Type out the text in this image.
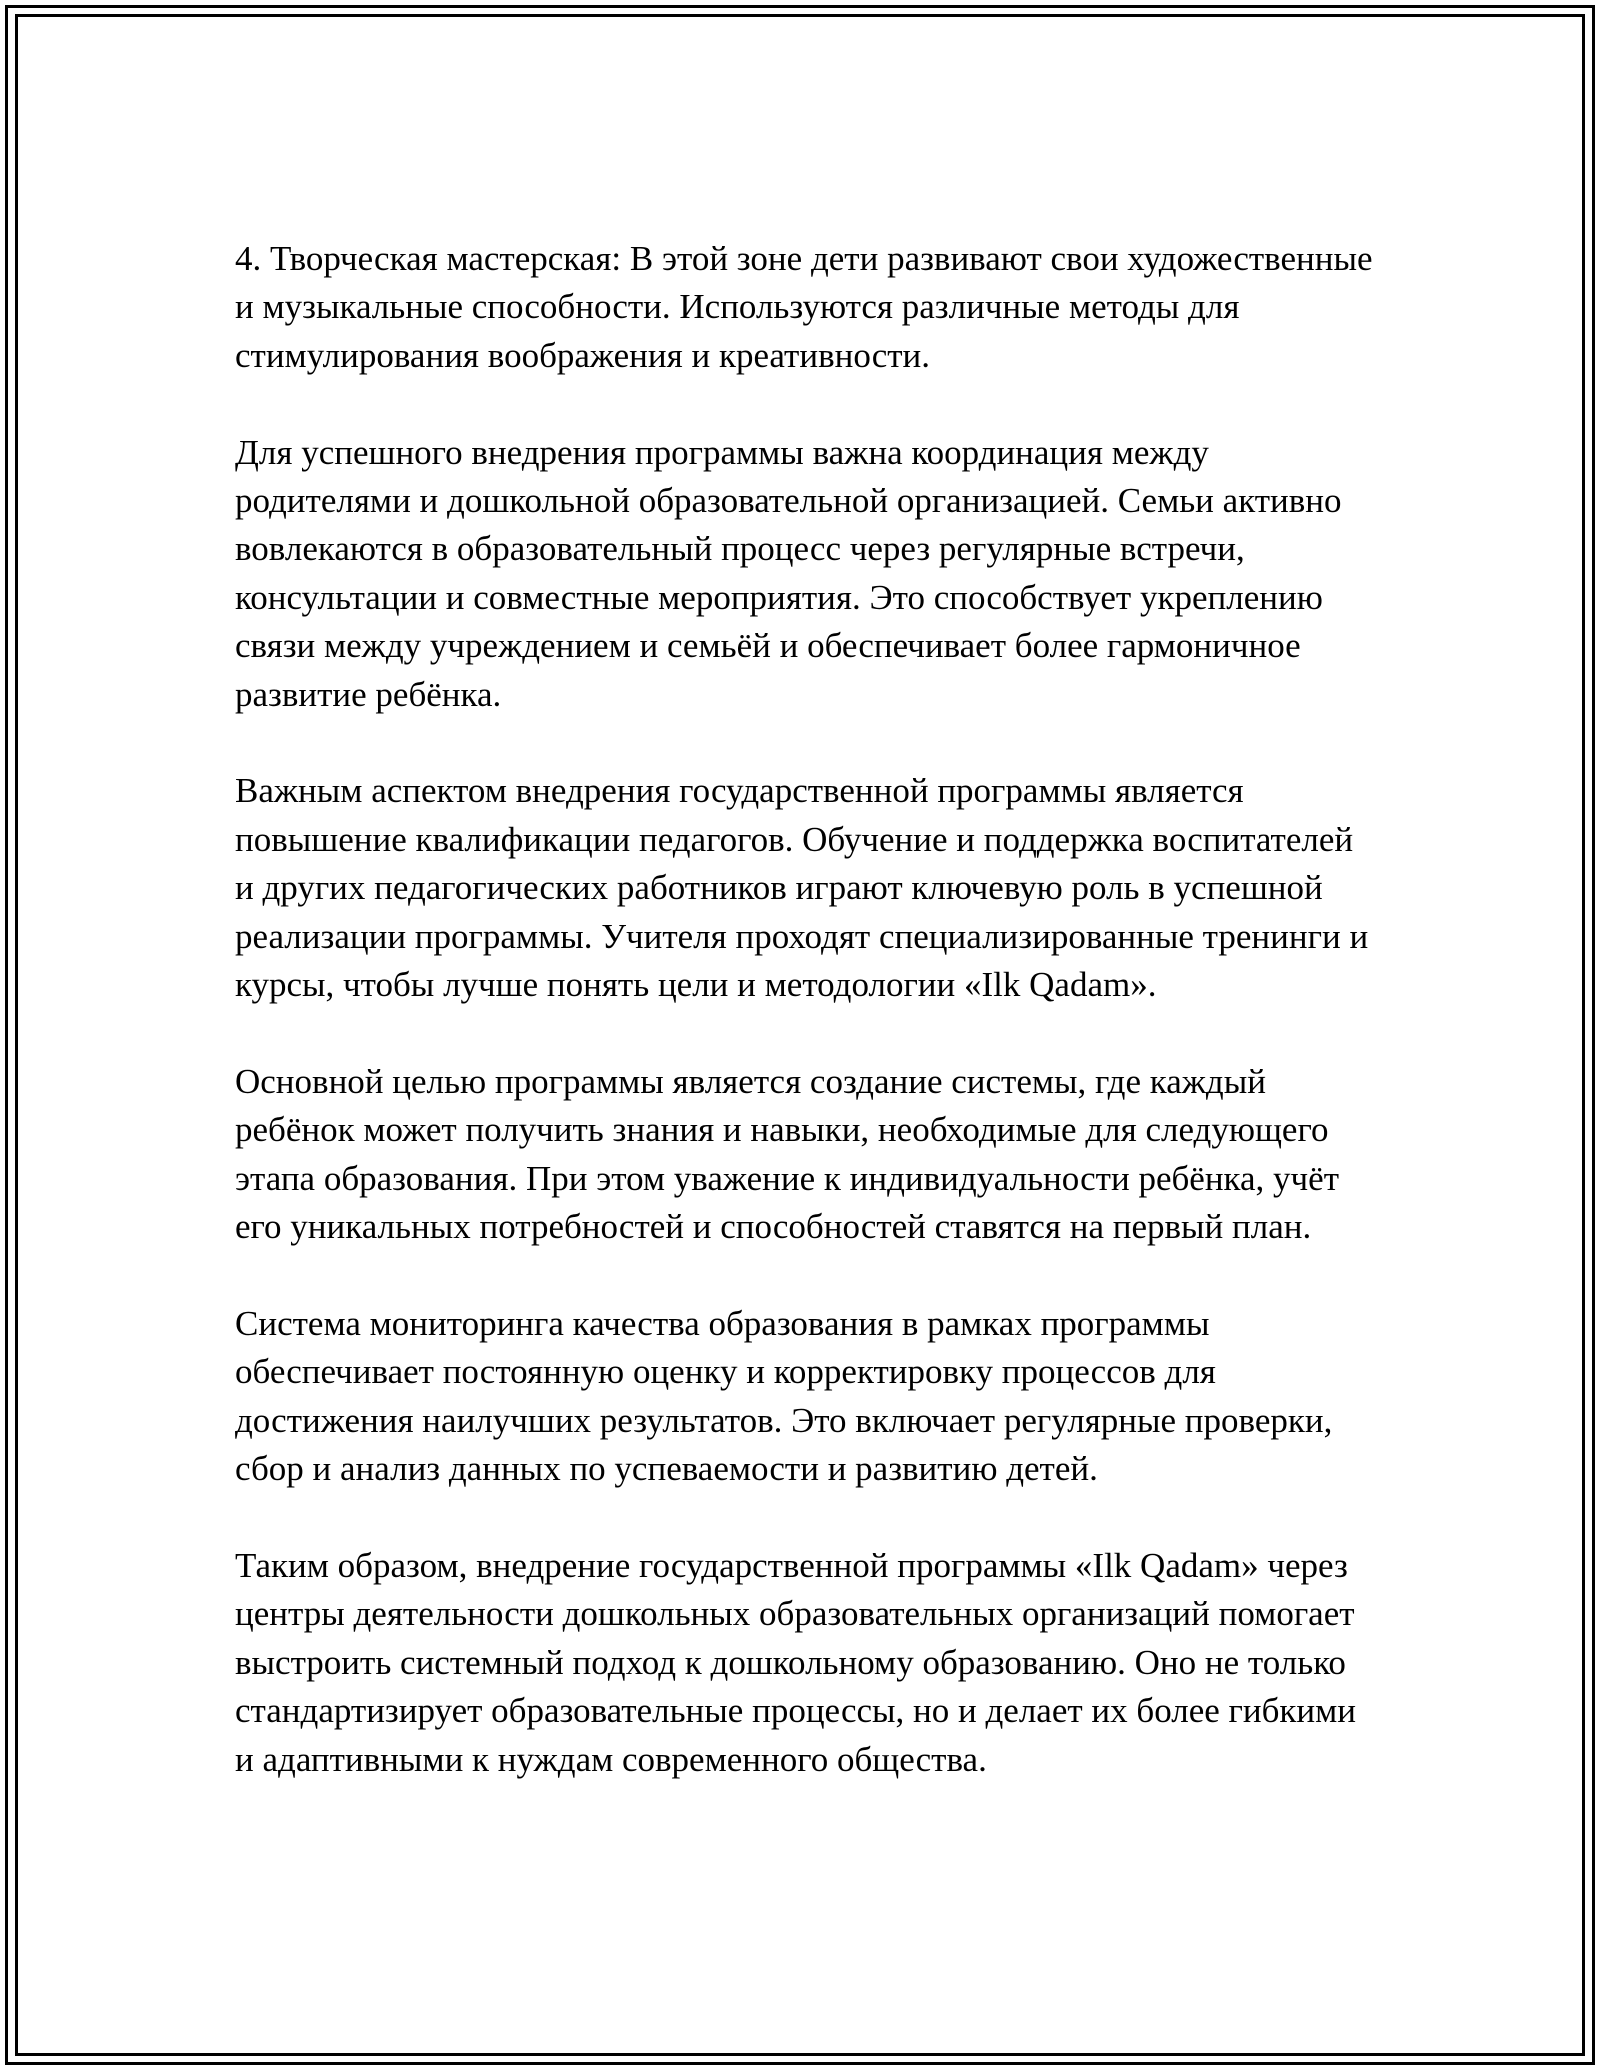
4. Творческая мастерская: В этой зоне дети развивают свои художественные и музыкальные способности. Используются различные методы для стимулирования воображения и креативности.

Для успешного внедрения программы важна координация между родителями и дошкольной образовательной организацией. Семьи активно вовлекаются в образовательный процесс через регулярные встречи, консультации и совместные мероприятия. Это способствует укреплению связи между учреждением и семьёй и обеспечивает более гармоничное развитие ребёнка.

Важным аспектом внедрения государственной программы является повышение квалификации педагогов. Обучение и поддержка воспитателей и других педагогических работников играют ключевую роль в успешной реализации программы. Учителя проходят специализированные тренинги и курсы, чтобы лучше понять цели и методологии «Ilk Qadam».

Основной целью программы является создание системы, где каждый ребёнок может получить знания и навыки, необходимые для следующего этапа образования. При этом уважение к индивидуальности ребёнка, учёт его уникальных потребностей и способностей ставятся на первый план.

Система мониторинга качества образования в рамках программы обеспечивает постоянную оценку и корректировку процессов для достижения наилучших результатов. Это включает регулярные проверки, сбор и анализ данных по успеваемости и развитию детей.

Таким образом, внедрение государственной программы «Ilk Qadam» через центры деятельности дошкольных образовательных организаций помогает выстроить системный подход к дошкольному образованию. Оно не только стандартизирует образовательные процессы, но и делает их более гибкими и адаптивными к нуждам современного общества.
